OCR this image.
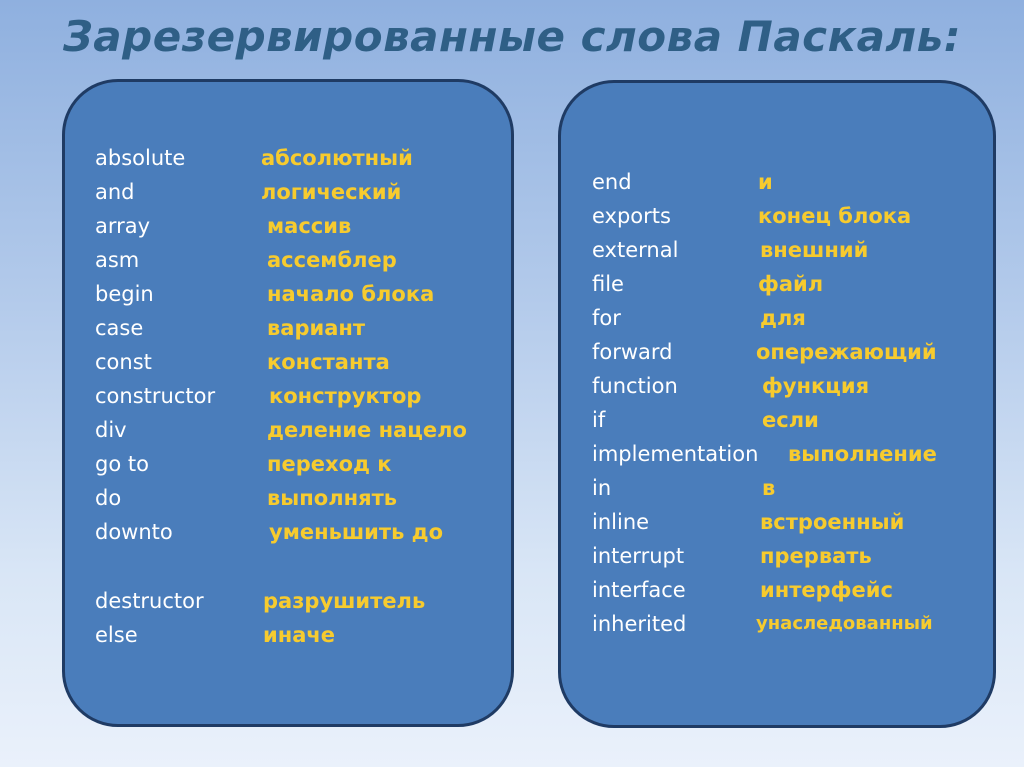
Зарезервированные слова Паскаль:
absolute	абсолютный
and	логический
array	массив
asm	ассемблер
begin	начало блока
case	вариант
const	константа
constructor	конструктор
div	деление нацело
go to	переход к
do	выполнять
downto	уменьшить до
destructor	разрушитель
else	иначе
end	и
exports	конец блока
external	внешний
file	файл
for	для
forward	опережающий
function	функция
if	если
implementation выполнение
in	в
inline	встроенный
interrupt	прервать
interface	интерфейс
inherited	унаследованный
